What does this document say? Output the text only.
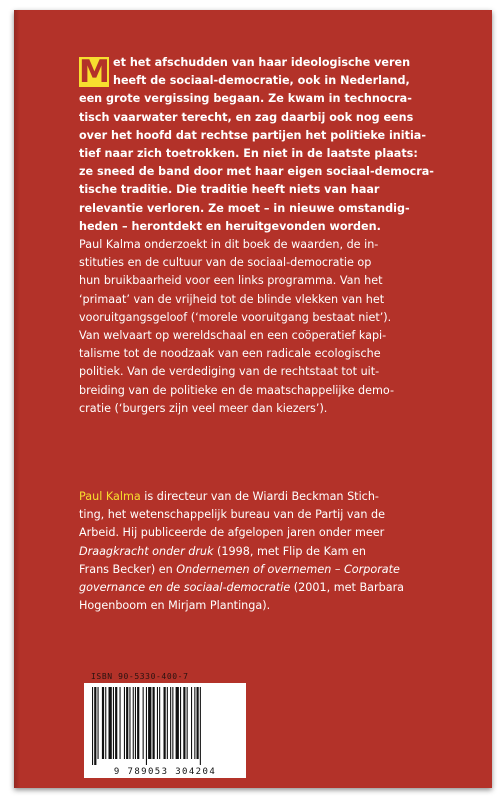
M et het afschudden van haar ideologische veren
heeft de sociaal-democratie, ook in Nederland,
een grote vergissing begaan. Ze kwam in technocra-
tisch vaarwater terecht, en zag daarbij ook nog eens
over het hoofd dat rechtse partijen het politieke initia-
tief naar zich toetrokken. En niet in de laatste plaats:
ze sneed de band door met haar eigen sociaal-democra-
tische traditie. Die traditie heeft niets van haar
relevantie verloren. Ze moet – in nieuwe omstandig-
heden – herontdekt en heruitgevonden worden.
Paul Kalma onderzoekt in dit boek de waarden, de in-
stituties en de cultuur van de sociaal-democratie op
hun bruikbaarheid voor een links programma. Van het
‘primaat’ van de vrijheid tot de blinde vlekken van het
vooruitgangsgeloof (‘morele vooruitgang bestaat niet’).
Van welvaart op wereldschaal en een coöperatief kapi-
talisme tot de noodzaak van een radicale ecologische
politiek. Van de verdediging van de rechtstaat tot uit-
breiding van de politieke en de maatschappelijke demo-
cratie (‘burgers zijn veel meer dan kiezers’).
Paul Kalma is directeur van de Wiardi Beckman Stich-
ting, het wetenschappelijk bureau van de Partij van de
Arbeid. Hij publiceerde de afgelopen jaren onder meer
Draagkracht onder druk (1998, met Flip de Kam en
Frans Becker) en Ondernemen of overnemen – Corporate
governance en de sociaal-democratie (2001, met Barbara
Hogenboom en Mirjam Plantinga).
ISBN 90-5330-400-7
9 789053 304204
